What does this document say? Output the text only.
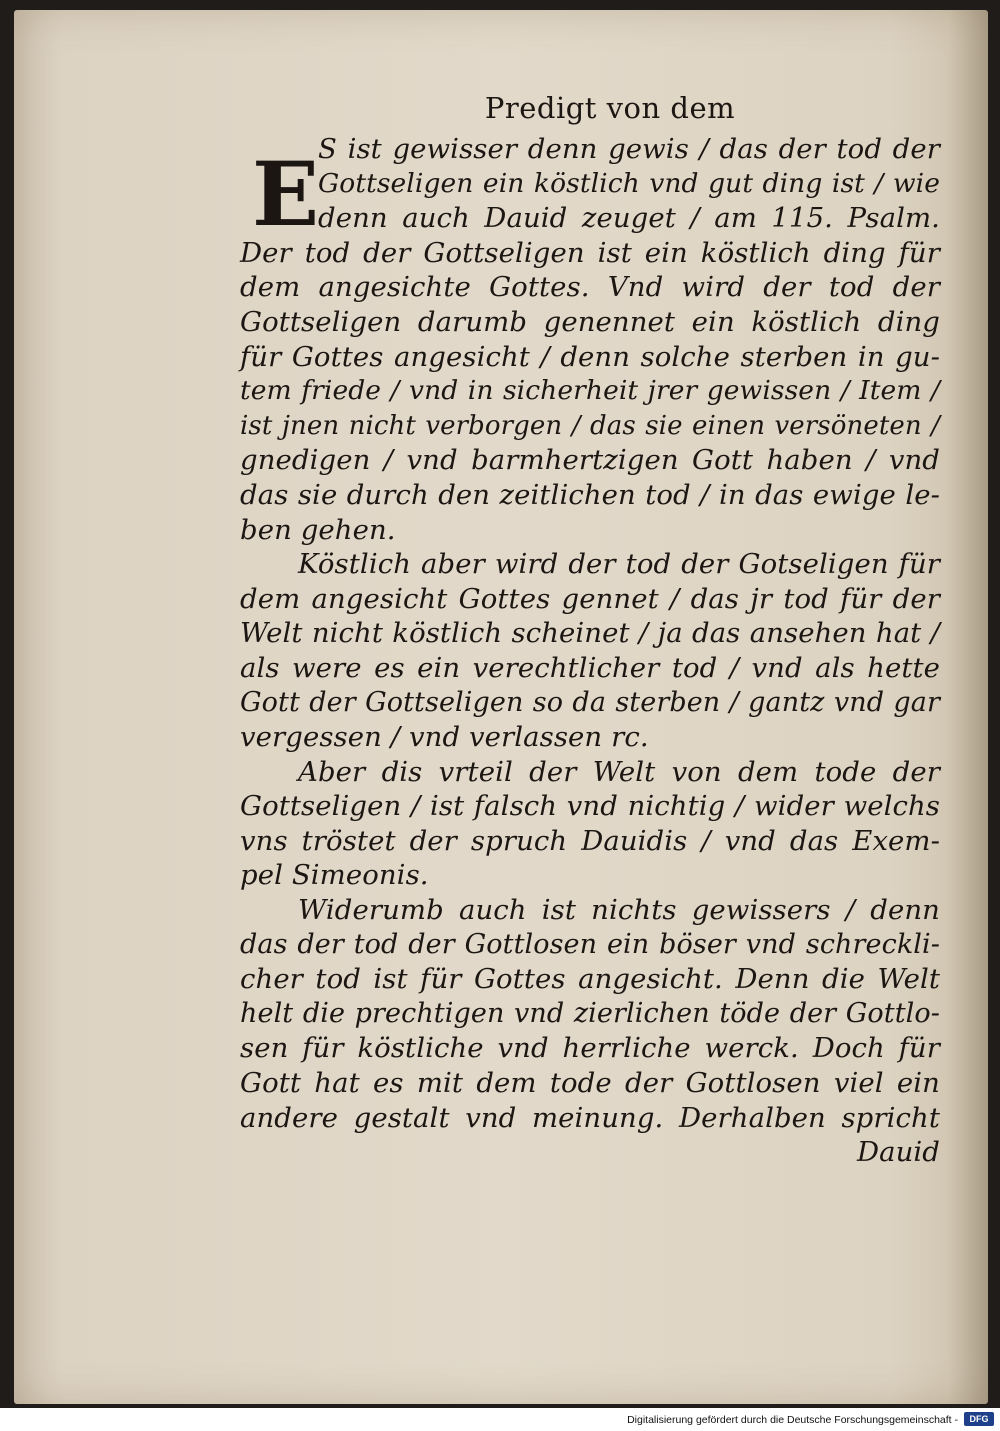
E
Predigt von dem
S ist gewisser denn gewis / das der tod der
Gottseligen ein köstlich vnd gut ding ist / wie
denn auch Dauid zeuget / am 115. Psalm.
Der tod der Gottseligen ist ein köstlich ding für
dem angesichte Gottes. Vnd wird der tod der
Gottseligen darumb genennet ein köstlich ding
für Gottes angesicht / denn solche sterben in gu-
tem friede / vnd in sicherheit jrer gewissen / Item /
ist jnen nicht verborgen / das sie einen versöneten /
gnedigen / vnd barmhertzigen Gott haben / vnd
das sie durch den zeitlichen tod / in das ewige le-
ben gehen.
Köstlich aber wird der tod der Gotseligen für
dem angesicht Gottes gennet / das jr tod für der
Welt nicht köstlich scheinet / ja das ansehen hat /
als were es ein verechtlicher tod / vnd als hette
Gott der Gottseligen so da sterben / gantz vnd gar
vergessen / vnd verlassen rc.
Aber dis vrteil der Welt von dem tode der
Gottseligen / ist falsch vnd nichtig / wider welchs
vns tröstet der spruch Dauidis / vnd das Exem-
pel Simeonis.
Widerumb auch ist nichts gewissers / denn
das der tod der Gottlosen ein böser vnd schreckli-
cher tod ist für Gottes angesicht. Denn die Welt
helt die prechtigen vnd zierlichen töde der Gottlo-
sen für köstliche vnd herrliche werck. Doch für
Gott hat es mit dem tode der Gottlosen viel ein
andere gestalt vnd meinung. Derhalben spricht
Dauid
Digitalisierung gefördert durch die Deutsche Forschungsgemeinschaft -	DFG
